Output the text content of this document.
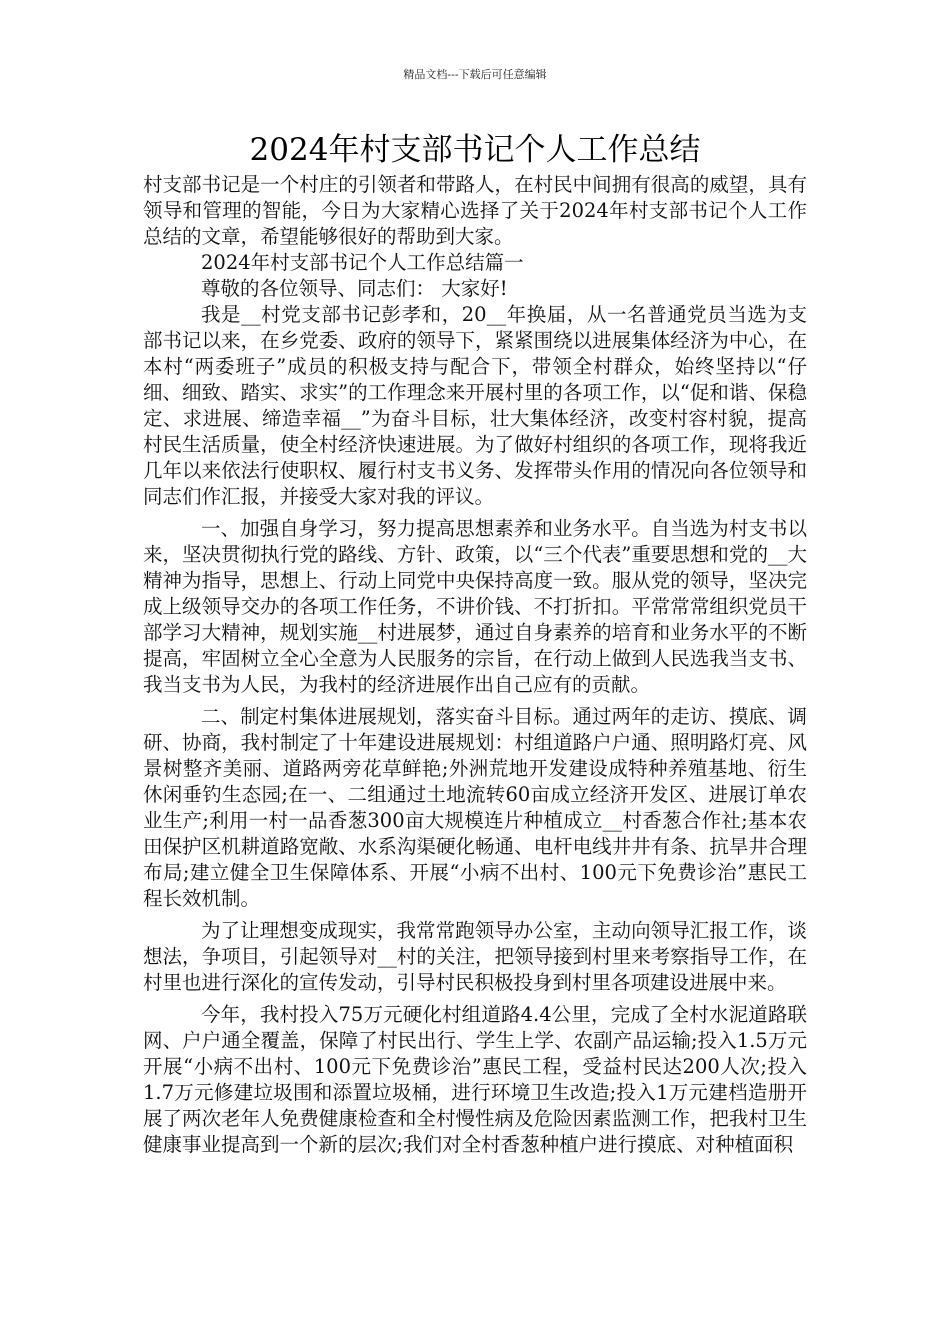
精品文档---下载后可任意编辑
2024年村支部书记个人工作总结

村支部书记是一个村庄的引领者和带路人，在村民中间拥有很高的威望，具有领导和管理的智能，今日为大家精心选择了关于2024年村支部书记个人工作总结的文章，希望能够很好的帮助到大家。

2024年村支部书记个人工作总结篇一

尊敬的各位领导、同志们： 大家好!

我是__村党支部书记彭孝和，20__年换届，从一名普通党员当选为支部书记以来，在乡党委、政府的领导下，紧紧围绕以进展集体经济为中心，在本村“两委班子”成员的积极支持与配合下，带领全村群众，始终坚持以“仔细、细致、踏实、求实”的工作理念来开展村里的各项工作，以“促和谐、保稳定、求进展、缔造幸福__”为奋斗目标，壮大集体经济，改变村容村貌，提高村民生活质量，使全村经济快速进展。为了做好村组织的各项工作，现将我近几年以来依法行使职权、履行村支书义务、发挥带头作用的情况向各位领导和同志们作汇报，并接受大家对我的评议。

一、加强自身学习，努力提高思想素养和业务水平。自当选为村支书以来，坚决贯彻执行党的路线、方针、政策，以“三个代表”重要思想和党的__大精神为指导，思想上、行动上同党中央保持高度一致。服从党的领导，坚决完成上级领导交办的各项工作任务，不讲价钱、不打折扣。平常常常组织党员干部学习大精神，规划实施__村进展梦，通过自身素养的培育和业务水平的不断提高，牢固树立全心全意为人民服务的宗旨，在行动上做到人民选我当支书、我当支书为人民，为我村的经济进展作出自己应有的贡献。

二、制定村集体进展规划，落实奋斗目标。通过两年的走访、摸底、调研、协商，我村制定了十年建设进展规划：村组道路户户通、照明路灯亮、风景树整齐美丽、道路两旁花草鲜艳;外洲荒地开发建设成特种养殖基地、衍生休闲垂钓生态园;在一、二组通过土地流转60亩成立经济开发区、进展订单农业生产;利用一村一品香葱300亩大规模连片种植成立__村香葱合作社;基本农田保护区机耕道路宽敞、水系沟渠硬化畅通、电杆电线井井有条、抗旱井合理布局;建立健全卫生保障体系、开展“小病不出村、100元下免费诊治”惠民工程长效机制。

为了让理想变成现实，我常常跑领导办公室，主动向领导汇报工作，谈想法，争项目，引起领导对__村的关注，把领导接到村里来考察指导工作，在村里也进行深化的宣传发动，引导村民积极投身到村里各项建设进展中来。

今年，我村投入75万元硬化村组道路4.4公里，完成了全村水泥道路联网、户户通全覆盖，保障了村民出行、学生上学、农副产品运输;投入1.5万元开展“小病不出村、100元下免费诊治”惠民工程，受益村民达200人次;投入1.7万元修建垃圾围和添置垃圾桶，进行环境卫生改造;投入1万元建档造册开展了两次老年人免费健康检查和全村慢性病及危险因素监测工作，把我村卫生健康事业提高到一个新的层次;我们对全村香葱种植户进行摸底、对种植面积
